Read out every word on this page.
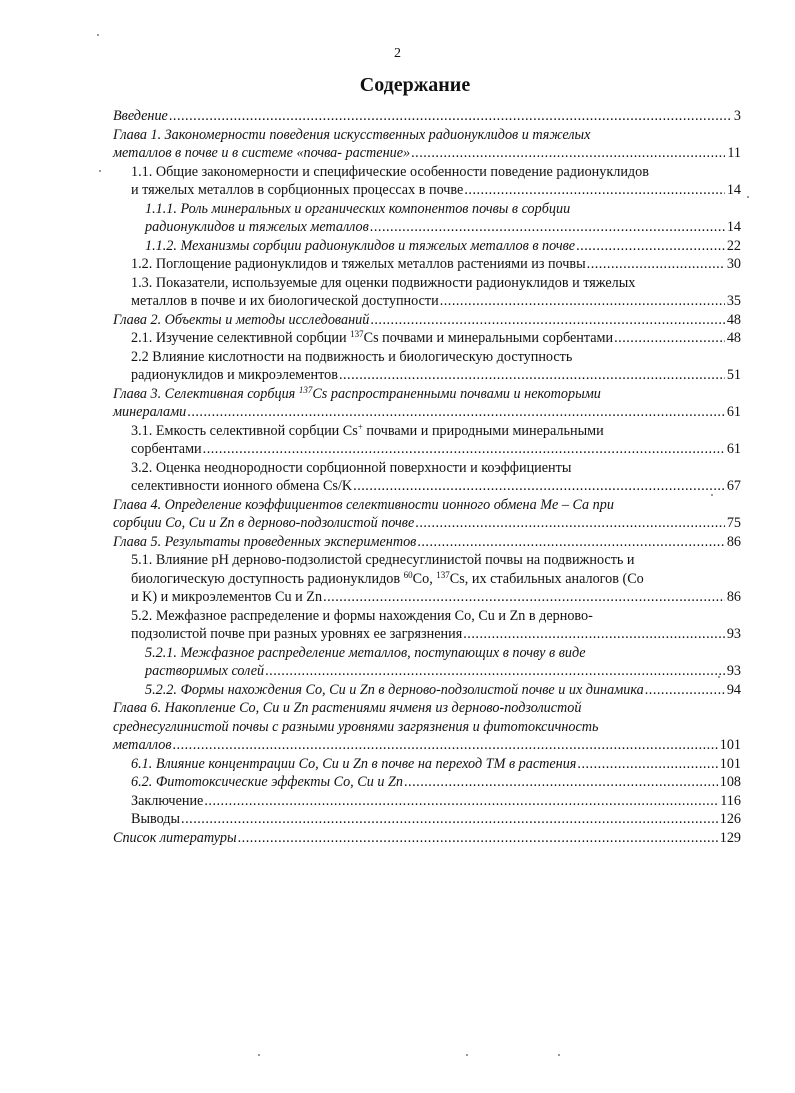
2
Содержание
Введение .....	3
Глава 1. Закономерности поведения искусственных радионуклидов и тяжелых
металлов в почве и в системе «почва- растение» .....	11
1.1. Общие закономерности и специфические особенности поведение радионуклидов
и тяжелых металлов в сорбционных процессах в почве .....	14
1.1.1. Роль минеральных и органических компонентов почвы в сорбции
радионуклидов и тяжелых металлов .....	14
1.1.2. Механизмы сорбции радионуклидов и тяжелых металлов в почве .....	22
1.2. Поглощение радионуклидов и тяжелых металлов растениями из почвы .....	30
1.3. Показатели, используемые для оценки подвижности радионуклидов и тяжелых
металлов в почве и их биологической доступности .....	35
Глава 2. Объекты и методы исследований .....	48
2.1. Изучение селективной сорбции $^{137}$Cs почвами и минеральными сорбентами .....	48
2.2 Влияние кислотности на подвижность и биологическую доступность
радионуклидов и микроэлементов .....	51
Глава 3. Селективная сорбция $^{137}$Cs распространенными почвами и некоторыми
минералами .....	61
3.1. Емкость селективной сорбции Cs+ почвами и природными минеральными
сорбентами .....	61
3.2. Оценка неоднородности сорбционной поверхности и коэффициенты
селективности ионного обмена Cs/K .....	67
Глава 4. Определение коэффициентов селективности ионного обмена Me – Ca при
сорбции Co, Cu и Zn в дерново-подзолистой почве .....	75
Глава 5. Результаты проведенных экспериментов .....	86
5.1. Влияние pH дерново-подзолистой среднесуглинистой почвы на подвижность и
биологическую доступность радионуклидов $^{60}$Co, $^{137}$Cs, их стабильных аналогов (Co
и K) и микроэлементов Cu и Zn .....	86
5.2. Межфазное распределение и формы нахождения Co, Cu и Zn в дерново-
подзолистой почве при разных уровнях ее загрязнения .....	93
5.2.1. Межфазное распределение металлов, поступающих в почву в виде
растворимых солей .....	93
5.2.2. Формы нахождения Co, Cu и Zn в дерново-подзолистой почве и их динамика .....	94
Глава 6. Накопление Co, Cu и Zn растениями ячменя из дерново-подзолистой
среднесуглинистой почвы с разными уровнями загрязнения и фитотоксичность
металлов .....	101
6.1. Влияние концентрации Co, Cu и Zn в почве на переход ТМ в растения .....	101
6.2. Фитотоксические эффекты Co, Cu и Zn .....	108
Заключение .....	116
Выводы .....	126
Список литературы .....	129
